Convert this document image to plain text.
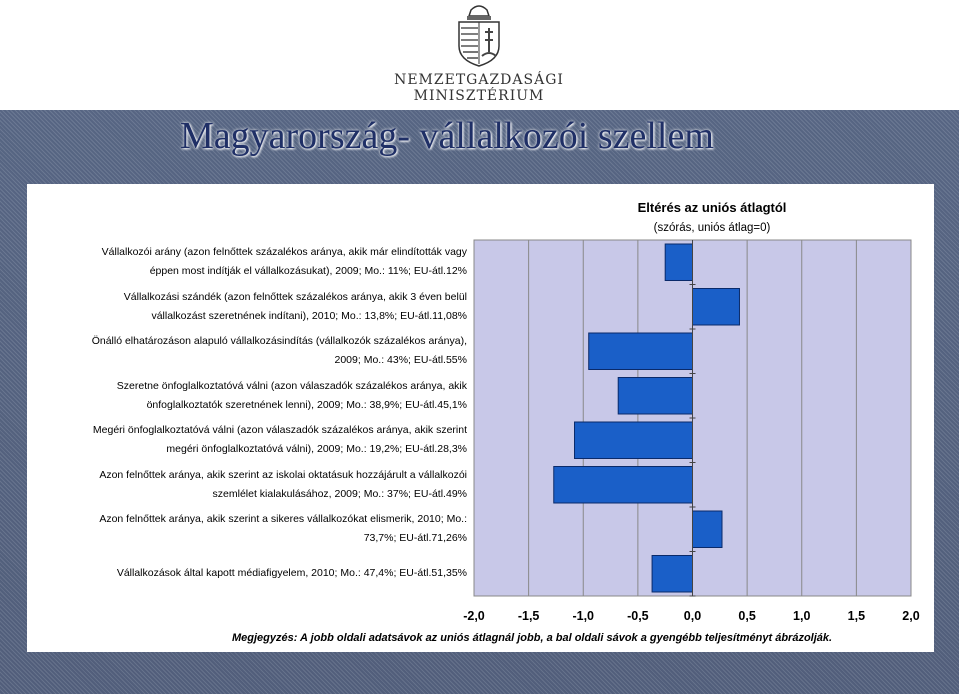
NEMZETGAZDASÁGI
MINISZTÉRIUM
Magyarország- vállalkozói szellem
Eltérés az uniós átlagtól
(szórás, uniós átlag=0)
-2,0	-1,5	-1,0	-0,5	0,0	0,5	1,0	1,5	2,0
Vállalkozói arány (azon felnőttek százalékos aránya, akik már elindították vagy
éppen most indítják el vállalkozásukat), 2009; Mo.: 11%; EU-átl.12%
Vállalkozási szándék (azon felnőttek százalékos aránya, akik 3 éven belül
vállalkozást szeretnének indítani), 2010; Mo.: 13,8%; EU-átl.11,08%
Önálló elhatározáson alapuló vállalkozásindítás (vállalkozók százalékos aránya),
2009; Mo.: 43%; EU-átl.55%
Szeretne önfoglalkoztatóvá válni (azon válaszadók százalékos aránya, akik
önfoglalkoztatók szeretnének lenni), 2009; Mo.: 38,9%; EU-átl.45,1%
Megéri önfoglalkoztatóvá válni (azon válaszadók százalékos aránya, akik szerint
megéri önfoglalkoztatóvá válni), 2009; Mo.: 19,2%; EU-átl.28,3%
Azon felnőttek aránya, akik szerint az iskolai oktatásuk hozzájárult a vállalkozói
szemlélet kialakulásához, 2009; Mo.: 37%; EU-átl.49%
Azon felnőttek aránya, akik szerint a sikeres vállalkozókat elismerik, 2010; Mo.:
73,7%; EU-átl.71,26%
Vállalkozások által kapott médiafigyelem, 2010; Mo.: 47,4%; EU-átl.51,35%
Megjegyzés: A jobb oldali adatsávok az uniós átlagnál jobb, a bal oldali sávok a gyengébb teljesítményt ábrázolják.
